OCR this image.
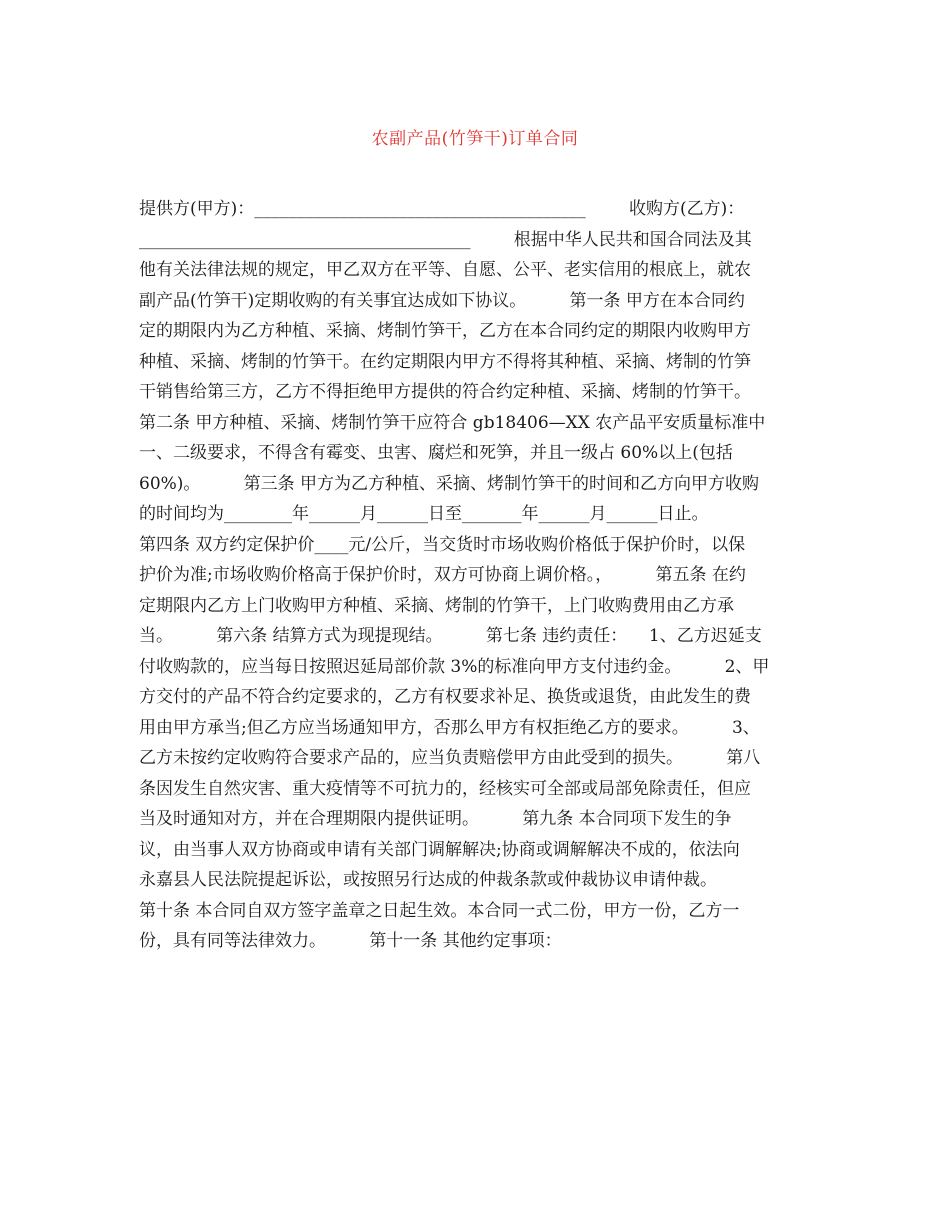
农副产品(竹笋干)订单合同
提供方(甲方)：_______________________________________        收购方(乙方)：
_______________________________________        根据中华人民共和国合同法及其
他有关法律法规的规定，甲乙双方在平等、自愿、公平、老实信用的根底上，就农
副产品(竹笋干)定期收购的有关事宜达成如下协议。        第一条 甲方在本合同约
定的期限内为乙方种植、采摘、烤制竹笋干，乙方在本合同约定的期限内收购甲方
种植、采摘、烤制的竹笋干。在约定期限内甲方不得将其种植、采摘、烤制的竹笋
干销售给第三方，乙方不得拒绝甲方提供的符合约定种植、采摘、烤制的竹笋干。
第二条 甲方种植、采摘、烤制竹笋干应符合 gb18406—XX 农产品平安质量标准中
一、二级要求，不得含有霉变、虫害、腐烂和死笋，并且一级占 60%以上(包括
60%)。        第三条 甲方为乙方种植、采摘、烤制竹笋干的时间和乙方向甲方收购
的时间均为________年______月______日至_______年______月______日止。
第四条 双方约定保护价____元/公斤，当交货时市场收购价格低于保护价时，以保
护价为准;市场收购价格高于保护价时，双方可协商上调价格。，        第五条 在约
定期限内乙方上门收购甲方种植、采摘、烤制的竹笋干，上门收购费用由乙方承
当。        第六条 结算方式为现提现结。        第七条 违约责任：    1、乙方迟延支
付收购款的，应当每日按照迟延局部价款 3%的标准向甲方支付违约金。        2、甲
方交付的产品不符合约定要求的，乙方有权要求补足、换货或退货，由此发生的费
用由甲方承当;但乙方应当场通知甲方，否那么甲方有权拒绝乙方的要求。        3、
乙方未按约定收购符合要求产品的，应当负责赔偿甲方由此受到的损失。        第八
条因发生自然灾害、重大疫情等不可抗力的，经核实可全部或局部免除责任，但应
当及时通知对方，并在合理期限内提供证明。        第九条 本合同项下发生的争
议，由当事人双方协商或申请有关部门调解解决;协商或调解解决不成的，依法向
永嘉县人民法院提起诉讼，或按照另行达成的仲裁条款或仲裁协议申请仲裁。
第十条 本合同自双方签字盖章之日起生效。本合同一式二份，甲方一份，乙方一
份，具有同等法律效力。        第十一条 其他约定事项：
